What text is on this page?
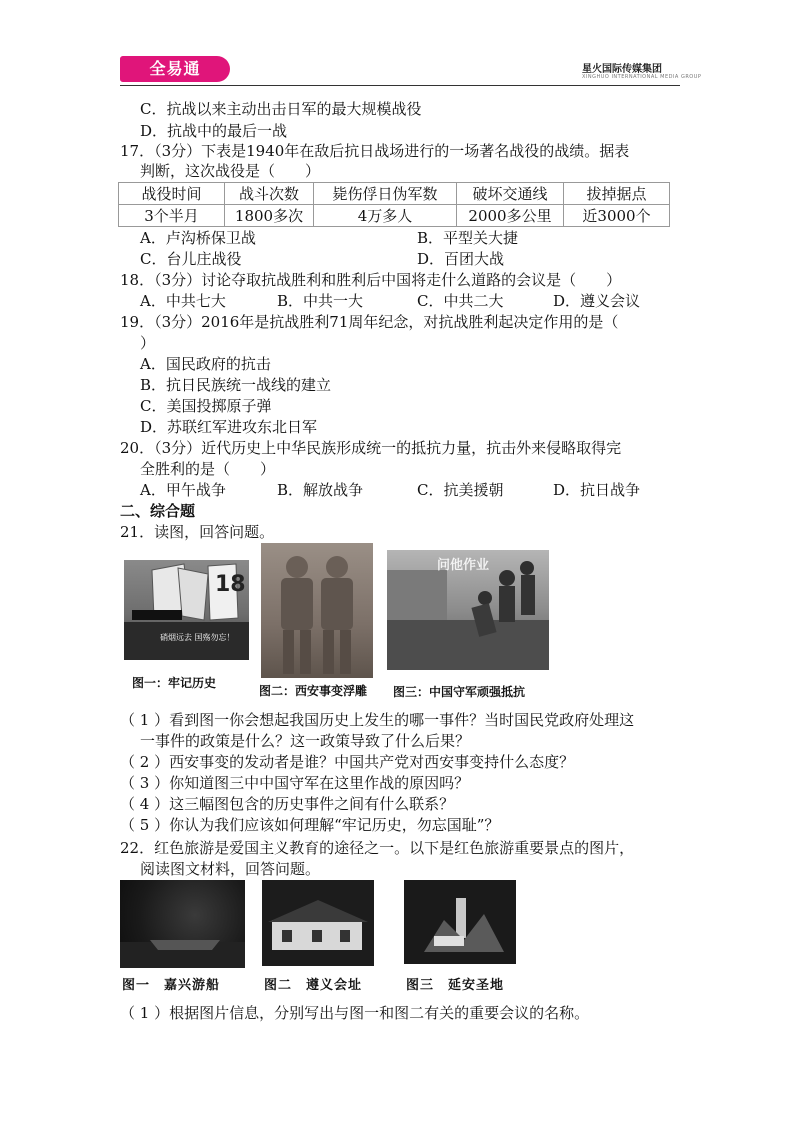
全易通	星火国际传媒集团
XINGHUO INTERNATIONAL MEDIA GROUP
C．抗战以来主动出击日军的最大规模战役
D．抗战中的最后一战
17．（3分）下表是1940年在敌后抗日战场进行的一场著名战役的战绩。据表
判断，这次战役是（　　）
战役时间	战斗次数	毙伤俘日伪军数	破坏交通线	拔掉据点
3个半月	1800多次	4万多人	2000多公里	近3000个
A．卢沟桥保卫战	B．平型关大捷
C．台儿庄战役	D．百团大战
18．（3分）讨论夺取抗战胜利和胜利后中国将走什么道路的会议是（　　）
A．中共七大	B．中共一大	C．中共二大	D．遵义会议
19．（3分）2016年是抗战胜利71周年纪念，对抗战胜利起决定作用的是（
）
A．国民政府的抗击
B．抗日民族统一战线的建立
C．美国投掷原子弹
D．苏联红军进攻东北日军
20．（3分）近代历史上中华民族形成统一的抵抗力量，抗击外来侵略取得完
全胜利的是（　　）
A．甲午战争	B．解放战争	C．抗美援朝	D．抗日战争
二、综合题
21．读图，回答问题。
18
硝烟远去 国殇勿忘！
图一：牢记历史
图二：西安事变浮雕
问他作业
图三：中国守军顽强抵抗
（ 1 ）看到图一你会想起我国历史上发生的哪一事件？当时国民党政府处理这
一事件的政策是什么？这一政策导致了什么后果？
（ 2 ）西安事变的发动者是谁？中国共产党对西安事变持什么态度？
（ 3 ）你知道图三中中国守军在这里作战的原因吗？
（ 4 ）这三幅图包含的历史事件之间有什么联系？
（ 5 ）你认为我们应该如何理解“牢记历史，勿忘国耻”？
22．红色旅游是爱国主义教育的途径之一。以下是红色旅游重要景点的图片，
阅读图文材料，回答问题。
图一　嘉兴游船	图二　遵义会址	图三　延安圣地
（ 1 ）根据图片信息，分别写出与图一和图二有关的重要会议的名称。
